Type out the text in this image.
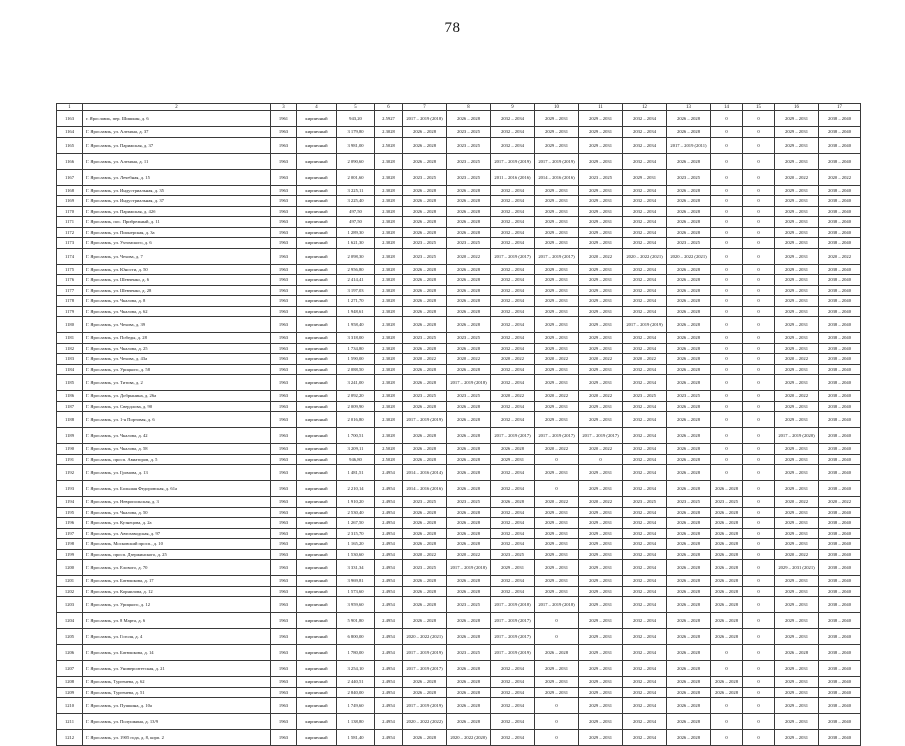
78
1	2	3	4	5	6	7	8	9	10	11	12	13	14	15	16	17
1163	г. Ярославль, пер. Шишкин, д. 6	1961	кирпичный	943,20	2.5927	2017 – 2019 (2018)	2026 – 2028	2032 – 2034	2029 – 2031	2029 – 2031	2032 – 2034	2026 – 2028	0	0	2029 – 2031	2038 – 2040
1164	Г. Ярославль, ул. Алехина, д. 37	1963	кирпичный	3 179,80	2.3028	2026 – 2028	2023 – 2025	2032 – 2034	2029 – 2031	2029 – 2031	2032 – 2034	2026 – 2028	0	0	2029 – 2031	2038 – 2040
1165	Г. Ярославль, ул. Парижская, д. 37	1963	кирпичный	3 981,00	2.5028	2026 – 2028	2023 – 2025	2032 – 2034	2029 – 2031	2029 – 2031	2032 – 2034	2017 – 2019 (2011)	0	0	2029 – 2031	2038 – 2040
1166	Г. Ярославль, ул. Алехина, д. 11	1963	кирпичный	2 090,60	2.3028	2026 – 2028	2023 – 2025	2017 – 2019 (2019)	2017 – 2019 (2019)	2029 – 2031	2032 – 2034	2026 – 2028	0	0	2029 – 2031	2038 – 2040
1167	Г. Ярославль, ул. Лечебная, д. 15	1963	кирпичный	2 001,60	2.3028	2023 – 2025	2023 – 2025	2011 – 2016 (2016)	2014 – 2016 (2016)	2023 – 2025	2029 – 2031	2023 – 2025	0	0	2020 – 2022	2020 – 2022
1168	Г. Ярославль, ул. Индустриальная, д. 35	1963	кирпичный	3 225,11	2.3028	2026 – 2028	2026 – 2028	2032 – 2034	2029 – 2031	2029 – 2031	2032 – 2034	2026 – 2028	0	0	2029 – 2031	2038 – 2040
1169	Г. Ярославль, ул. Индустриальная, д. 37	1963	кирпичный	3 225,40	2.3028	2026 – 2028	2026 – 2028	2032 – 2034	2029 – 2031	2029 – 2031	2032 – 2034	2026 – 2028	0	0	2029 – 2031	2038 – 2040
1170	Г. Ярославль, ул. Парижская, д. 42б	1963	кирпичный	497,50	2.3028	2026 – 2028	2026 – 2028	2032 – 2034	2029 – 2031	2029 – 2031	2032 – 2034	2026 – 2028	0	0	2029 – 2031	2038 – 2040
1171	Г. Ярославль, пос. Прибрежный, д. 11	1963	кирпичный	497,50	2.3028	2026 – 2028	2026 – 2028	2032 – 2034	2029 – 2031	2029 – 2031	2032 – 2034	2026 – 2028	0	0	2029 – 2031	2038 – 2040
1172	Г. Ярославль, ул. Пионерская, д. 3а	1963	кирпичный	1 289,30	2.3028	2026 – 2028	2026 – 2028	2032 – 2034	2029 – 2031	2029 – 2031	2032 – 2034	2026 – 2028	0	0	2029 – 2031	2038 – 2040
1173	Г. Ярославль, ул. Ухтомского, д. 6	1963	кирпичный	1 621,30	2.3028	2023 – 2025	2023 – 2025	2032 – 2034	2029 – 2031	2029 – 2031	2032 – 2034	2023 – 2025	0	0	2029 – 2031	2038 – 2040
1174	Г. Ярославль, ул. Чехова, д. 7	1963	кирпичный	2 098,30	2.3028	2023 – 2025	2020 – 2022	2017 – 2019 (2017)	2017 – 2019 (2017)	2020 – 2022	2020 – 2022 (2021)	2020 – 2022 (2021)	0	0	2029 – 2031	2020 – 2022
1175	Г. Ярославль, ул. Юности, д. 50	1963	кирпичный	2 956,80	2.3028	2026 – 2028	2026 – 2028	2032 – 2034	2029 – 2031	2029 – 2031	2032 – 2034	2026 – 2028	0	0	2029 – 2031	2038 – 2040
1176	Г. Ярославль, ул. Шевченко, д. 6	1963	кирпичный	2 414,41	2.3028	2026 – 2028	2026 – 2028	2032 – 2034	2029 – 2031	2029 – 2031	2032 – 2034	2026 – 2028	0	0	2029 – 2031	2038 – 2040
1177	Г. Ярославль, ул. Шевченко, д. 28	1963	кирпичный	3 197,03	2.3028	2026 – 2028	2026 – 2028	2032 – 2034	2029 – 2031	2029 – 2031	2032 – 2034	2026 – 2028	0	0	2029 – 2031	2038 – 2040
1178	Г. Ярославль, ул. Чкалова, д. 8	1963	кирпичный	1 271,70	2.3028	2026 – 2028	2026 – 2028	2032 – 2034	2029 – 2031	2029 – 2031	2032 – 2034	2026 – 2028	0	0	2029 – 2031	2038 – 2040
1179	Г. Ярославль, ул. Чкалова, д. 62	1963	кирпичный	1 948,61	2.3028	2026 – 2028	2026 – 2028	2032 – 2034	2029 – 2031	2029 – 2031	2032 – 2034	2026 – 2028	0	0	2029 – 2031	2038 – 2040
1180	Г. Ярославль, ул. Чехова, д. 39	1963	кирпичный	1 958,40	2.3028	2026 – 2028	2026 – 2028	2032 – 2034	2029 – 2031	2029 – 2031	2017 – 2019 (2019)	2026 – 2028	0	0	2029 – 2031	2038 – 2040
1181	Г. Ярославль, ул. Победы, д. 28	1963	кирпичный	3 318,00	2.3028	2023 – 2025	2023 – 2025	2032 – 2034	2029 – 2031	2029 – 2031	2032 – 2034	2026 – 2028	0	0	2029 – 2031	2038 – 2040
1182	Г. Ярославль, ул. Чкалова, д. 25	1963	кирпичный	1 734,80	2.3028	2026 – 2028	2026 – 2028	2032 – 2034	2029 – 2031	2029 – 2031	2032 – 2034	2026 – 2028	0	0	2029 – 2031	2038 – 2040
1183	Г. Ярославль, ул. Чехова, д. 43а	1963	кирпичный	1 590,00	2.3028	2020 – 2022	2020 – 2022	2020 – 2022	2020 – 2022	2020 – 2022	2020 – 2022	2026 – 2028	0	0	2020 – 2022	2038 – 2040
1184	Г. Ярославль, ул. Урицкого, д. 58	1963	кирпичный	2 088,50	2.3028	2026 – 2028	2026 – 2028	2032 – 2034	2029 – 2031	2029 – 2031	2032 – 2034	2026 – 2028	0	0	2029 – 2031	2038 – 2040
1185	Г. Ярославль, ул. Титова, д. 2	1963	кирпичный	3 241,00	2.3028	2026 – 2028	2017 – 2019 (2018)	2032 – 2034	2029 – 2031	2029 – 2031	2032 – 2034	2026 – 2028	0	0	2029 – 2031	2038 – 2040
1186	Г. Ярославль, ул. Добрынина, д. 26а	1963	кирпичный	2 092,20	2.3028	2023 – 2025	2023 – 2025	2020 – 2022	2020 – 2022	2020 – 2022	2023 – 2025	2023 – 2025	0	0	2020 – 2022	2038 – 2040
1187	Г. Ярославль, ул. Свердлова, д. 90	1963	кирпичный	2 009,90	2.3028	2026 – 2028	2026 – 2028	2032 – 2034	2029 – 2031	2029 – 2031	2032 – 2034	2026 – 2028	0	0	2029 – 2031	2038 – 2040
1188	Г. Ярославль, ул. 1-я Портовая, д. 6	1963	кирпичный	2 016,80	2.3028	2017 – 2019 (2019)	2026 – 2028	2032 – 2034	2029 – 2031	2029 – 2031	2032 – 2034	2026 – 2028	0	0	2029 – 2031	2038 – 2040
1189	Г. Ярославль, ул. Чкалова, д. 42	1963	кирпичный	1 700,51	2.3028	2026 – 2028	2026 – 2028	2017 – 2019 (2017)	2017 – 2019 (2017)	2017 – 2019 (2017)	2032 – 2034	2026 – 2028	0	0	2017 – 2019 (2020)	2038 – 2040
1190	Г. Ярославль, ул. Чкалова, д. 58	1963	кирпичный	3 209,11	2.5028	2026 – 2028	2026 – 2028	2026 – 2028	2020 – 2022	2020 – 2022	2032 – 2034	2026 – 2028	0	0	2029 – 2031	2038 – 2040
1191	Г. Ярославль, просп. Авиаторов, д. 5	1963	кирпичный	946,80	2.5028	2026 – 2028	2026 – 2028	2029 – 2031	0	0	2032 – 2034	2026 – 2028	0	0	2029 – 2031	2038 – 2040
1192	Г. Ярославль, ул. Громова, д. 13	1963	кирпичный	1 481,51	2.4954	2014 – 2016 (2014)	2026 – 2028	2032 – 2034	2029 – 2031	2029 – 2031	2032 – 2034	2026 – 2028	0	0	2029 – 2031	2038 – 2040
1193	Г. Ярославль, ул. Большая Федоровская, д. 61а	1963	кирпичный	2 210,14	2.4954	2014 – 2016 (2016)	2026 – 2028	2032 – 2034	0	2029 – 2031	2032 – 2034	2026 – 2028	2026 – 2028	0	2029 – 2031	2038 – 2040
1194	Г. Ярославль, ул. Невропольская, д. 3	1963	кирпичный	1 910,20	2.4954	2023 – 2025	2023 – 2025	2026 – 2028	2020 – 2022	2020 – 2022	2023 – 2025	2023 – 2025	2023 – 2025	0	2020 – 2022	2020 – 2022
1195	Г. Ярославль, ул. Чкалова, д. 50	1963	кирпичный	2 530,40	2.4954	2026 – 2028	2026 – 2028	2032 – 2034	2029 – 2031	2029 – 2031	2032 – 2034	2026 – 2028	2026 – 2028	0	2029 – 2031	2038 – 2040
1196	Г. Ярославль, ул. Кузнецова, д. 2а	1963	кирпичный	1 267,50	2.4954	2026 – 2028	2026 – 2028	2032 – 2034	2029 – 2031	2029 – 2031	2032 – 2034	2026 – 2028	2026 – 2028	0	2029 – 2031	2038 – 2040
1197	Г. Ярославль, ул. Автозаводская, д. 97	1963	кирпичный	2 315,70	2.4954	2026 – 2028	2026 – 2028	2032 – 2034	2029 – 2031	2029 – 2031	2032 – 2034	2026 – 2028	2026 – 2028	0	2029 – 2031	2038 – 2040
1198	Г. Ярославль, Московский просп., д. 10	1963	кирпичный	1 165,20	2.4954	2026 – 2028	2026 – 2028	2032 – 2034	2029 – 2031	2029 – 2031	2032 – 2034	2026 – 2028	2026 – 2028	0	2029 – 2031	2038 – 2040
1199	Г. Ярославль, просп. Дзержинского, д. 25	1963	кирпичный	1 530,60	2.4954	2020 – 2022	2020 – 2022	2023 – 2025	2029 – 2031	2029 – 2031	2032 – 2034	2026 – 2028	2026 – 2028	0	2020 – 2022	2038 – 2040
1200	Г. Ярославль, ул. Елового, д. 70	1963	кирпичный	3 331,34	2.4954	2023 – 2025	2017 – 2019 (2018)	2029 – 2031	2029 – 2031	2029 – 2031	2032 – 2034	2026 – 2028	2026 – 2028	0	2029 – 2031 (2021)	2038 – 2040
1201	Г. Ярославль, ул. Батюшкова, д. 17	1963	кирпичный	3 969,81	2.4954	2026 – 2028	2026 – 2028	2032 – 2034	2029 – 2031	2029 – 2031	2032 – 2034	2026 – 2028	2026 – 2028	0	2029 – 2031	2038 – 2040
1202	Г. Ярославль, ул. Корнилова, д. 12	1963	кирпичный	1 573,60	2.4954	2026 – 2028	2026 – 2028	2032 – 2034	2029 – 2031	2029 – 2031	2032 – 2034	2026 – 2028	2026 – 2028	0	2029 – 2031	2038 – 2040
1203	Г. Ярославль, ул. Урицкого, д. 12	1963	кирпичный	3 959,60	2.4954	2026 – 2028	2023 – 2025	2017 – 2019 (2018)	2017 – 2019 (2018)	2029 – 2031	2032 – 2034	2026 – 2028	2026 – 2028	0	2029 – 2031	2038 – 2040
1204	Г. Ярославль, ул. 8 Марта, д. 6	1963	кирпичный	5 901,80	2.4954	2026 – 2028	2026 – 2028	2017 – 2019 (2017)	0	2029 – 2031	2032 – 2034	2026 – 2028	2026 – 2028	0	2029 – 2031	2038 – 2040
1205	Г. Ярославль, ул. Гоголя, д. 4	1963	кирпичный	6 800,00	2.4954	2020 – 2022 (2021)	2026 – 2028	2017 – 2019 (2017)	0	2029 – 2031	2032 – 2034	2026 – 2028	2026 – 2028	0	2029 – 2031	2038 – 2040
1206	Г. Ярославль, ул. Батюшкова, д. 14	1963	кирпичный	1 780,00	2.4954	2017 – 2019 (2019)	2023 – 2025	2017 – 2019 (2019)	2026 – 2028	2029 – 2031	2032 – 2034	2026 – 2028	0	0	2026 – 2028	2038 – 2040
1207	Г. Ярославль, ул. Университетская, д. 21	1963	кирпичный	3 254,10	2.4954	2017 – 2019 (2017)	2026 – 2028	2032 – 2034	2029 – 2031	2029 – 2031	2032 – 2034	2026 – 2028	0	0	2029 – 2031	2038 – 2040
1208	Г. Ярославль, Тургенева, д. 62	1963	кирпичный	2 440,51	2.4954	2026 – 2028	2026 – 2028	2032 – 2034	2029 – 2031	2029 – 2031	2032 – 2034	2026 – 2028	2026 – 2028	0	2029 – 2031	2038 – 2040
1209	Г. Ярославль, Тургенева, д. 51	1963	кирпичный	2 840,00	2.4954	2026 – 2028	2026 – 2028	2032 – 2034	2029 – 2031	2029 – 2031	2032 – 2034	2026 – 2028	2026 – 2028	0	2029 – 2031	2038 – 2040
1210	Г. Ярославль, ул. Пушкина, д. 10а	1963	кирпичный	1 749,60	2.4954	2017 – 2019 (2019)	2026 – 2028	2032 – 2034	0	2029 – 2031	2032 – 2034	2026 – 2028	0	0	2029 – 2031	2038 – 2040
1211	Г. Ярославль, ул. Полушкина, д. 13/9	1963	кирпичный	1 138,80	2.4954	2020 – 2022 (2022)	2026 – 2028	2032 – 2034	0	2029 – 2031	2032 – 2034	2026 – 2028	0	0	2029 – 2031	2038 – 2040
1212	Г. Ярославль, ул. 1905 года, д. 8, корп. 2	1963	кирпичный	1 581,40	2.4954	2026 – 2028	2020 – 2022 (2020)	2032 – 2034	0	2029 – 2031	2032 – 2034	2026 – 2028	0	0	2029 – 2031	2038 – 2040
